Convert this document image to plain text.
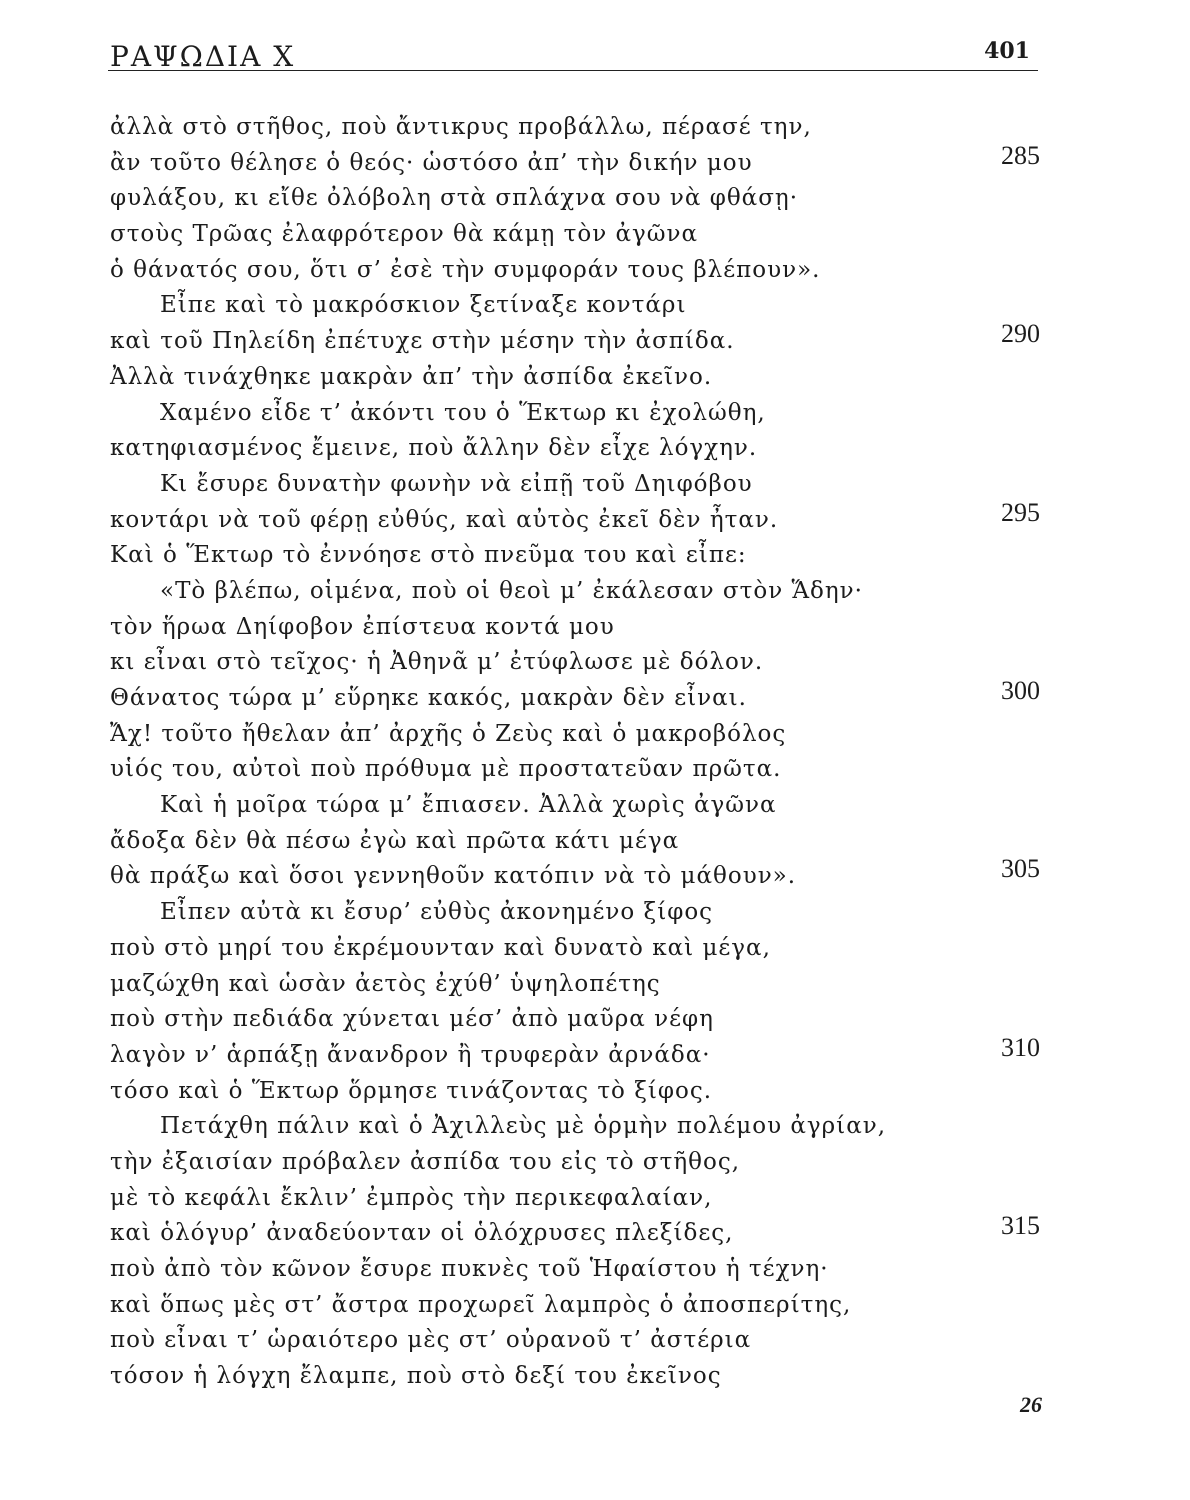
ΡΑΨΩΔΙΑ Χ	401
ἀλλὰ στὸ στῆθος, ποὺ ἄντικρυς προβάλλω, πέρασέ την,
ἂν τοῦτο θέλησε ὁ θεός· ὡστόσο ἀπ’ τὴν δικήν μου	285
φυλάξου, κι εἴθε ὀλόβολη στὰ σπλάχνα σου νὰ φθάσῃ·
στοὺς Τρῶας ἐλαφρότερον θὰ κάμῃ τὸν ἀγῶνα
ὁ θάνατός σου, ὅτι σ’ ἐσὲ τὴν συμφοράν τους βλέπουν».
Εἶπε καὶ τὸ μακρόσκιον ξετίναξε κοντάρι
καὶ τοῦ Πηλείδη ἐπέτυχε στὴν μέσην τὴν ἀσπίδα.	290
Ἀλλὰ τινάχθηκε μακρὰν ἀπ’ τὴν ἀσπίδα ἐκεῖνο.
Χαμένο εἶδε τ’ ἀκόντι του ὁ Ἕκτωρ κι ἐχολώθη,
κατηφιασμένος ἔμεινε, ποὺ ἄλλην δὲν εἶχε λόγχην.
Κι ἔσυρε δυνατὴν φωνὴν νὰ εἰπῇ τοῦ Δηιφόβου
κοντάρι νὰ τοῦ φέρῃ εὐθύς, καὶ αὐτὸς ἐκεῖ δὲν ἦταν.	295
Καὶ ὁ Ἕκτωρ τὸ ἐννόησε στὸ πνεῦμα του καὶ εἶπε:
«Τὸ βλέπω, οἱμένα, ποὺ οἱ θεοὶ μ’ ἐκάλεσαν στὸν Ἅδην·
τὸν ἥρωα Δηίφοβον ἐπίστευα κοντά μου
κι εἶναι στὸ τεῖχος· ἡ Ἀθηνᾶ μ’ ἐτύφλωσε μὲ δόλον.
Θάνατος τώρα μ’ εὕρηκε κακός, μακρὰν δὲν εἶναι.	300
Ἄχ! τοῦτο ἤθελαν ἀπ’ ἀρχῆς ὁ Ζεὺς καὶ ὁ μακροβόλος
υἱός του, αὐτοὶ ποὺ πρόθυμα μὲ προστατεῦαν πρῶτα.
Καὶ ἡ μοῖρα τώρα μ’ ἔπιασεν. Ἀλλὰ χωρὶς ἀγῶνα
ἄδοξα δὲν θὰ πέσω ἐγὼ καὶ πρῶτα κάτι μέγα
θὰ πράξω καὶ ὅσοι γεννηθοῦν κατόπιν νὰ τὸ μάθουν».	305
Εἶπεν αὐτὰ κι ἔσυρ’ εὐθὺς ἀκονημένο ξίφος
ποὺ στὸ μηρί του ἐκρέμουνταν καὶ δυνατὸ καὶ μέγα,
μαζώχθη καὶ ὡσὰν ἀετὸς ἐχύθ’ ὑψηλοπέτης
ποὺ στὴν πεδιάδα χύνεται μέσ’ ἀπὸ μαῦρα νέφη
λαγὸν ν’ ἁρπάξῃ ἄνανδρον ἢ τρυφερὰν ἀρνάδα·	310
τόσο καὶ ὁ Ἕκτωρ ὅρμησε τινάζοντας τὸ ξίφος.
Πετάχθη πάλιν καὶ ὁ Ἀχιλλεὺς μὲ ὁρμὴν πολέμου ἀγρίαν,
τὴν ἐξαισίαν πρόβαλεν ἀσπίδα του εἰς τὸ στῆθος,
μὲ τὸ κεφάλι ἔκλιν’ ἐμπρὸς τὴν περικεφαλαίαν,
καὶ ὁλόγυρ’ ἀναδεύονταν οἱ ὁλόχρυσες πλεξίδες,	315
ποὺ ἀπὸ τὸν κῶνον ἔσυρε πυκνὲς τοῦ Ἡφαίστου ἡ τέχνη·
καὶ ὅπως μὲς στ’ ἄστρα προχωρεῖ λαμπρὸς ὁ ἀποσπερίτης,
ποὺ εἶναι τ’ ὡραιότερο μὲς στ’ οὐρανοῦ τ’ ἀστέρια
τόσον ἡ λόγχη ἔλαμπε, ποὺ στὸ δεξί του ἐκεῖνος
26
